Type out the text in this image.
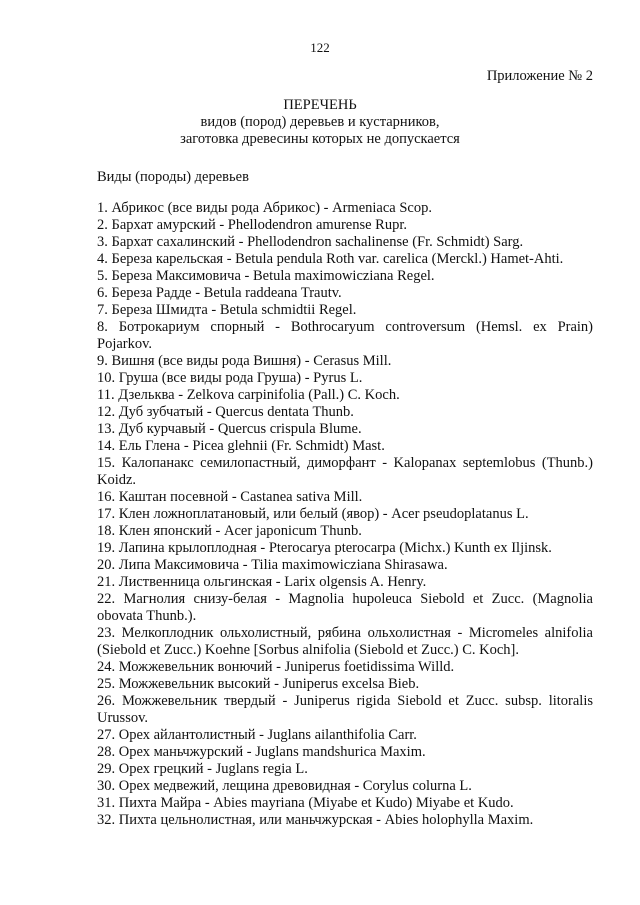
122
Приложение № 2
ПЕРЕЧЕНЬ
видов (пород) деревьев и кустарников,
заготовка древесины которых не допускается
Виды (породы) деревьев
1. Абрикос (все виды рода Абрикос) - Armeniaca Scop.
2. Бархат амурский - Phellodendron amurense Rupr.
3. Бархат сахалинский - Phellodendron sachalinense (Fr. Schmidt) Sarg.
4. Береза карельская - Betula pendula Roth var. carelica (Merckl.) Hamet-Ahti.
5. Береза Максимовича - Betula maximowicziana Regel.
6. Береза Радде - Betula raddeana Trautv.
7. Береза Шмидта - Betula schmidtii Regel.
8. Ботрокариум спорный - Bothrocaryum controversum (Hemsl. ex Prain) Pojarkov.
9. Вишня (все виды рода Вишня) - Cerasus Mill.
10. Груша (все виды рода Груша) - Pyrus L.
11. Дзельква - Zelkova carpinifolia (Pall.) C. Koch.
12. Дуб зубчатый - Quercus dentata Thunb.
13. Дуб курчавый - Quercus crispula Blume.
14. Ель Глена - Picea glehnii (Fr. Schmidt) Mast.
15. Калопанакс семилопастный, диморфант - Kalopanax septemlobus (Thunb.) Koidz.
16. Каштан посевной - Castanea sativa Mill.
17. Клен ложноплатановый, или белый (явор) - Acer pseudoplatanus L.
18. Клен японский - Acer japonicum Thunb.
19. Лапина крылоплодная - Pterocarya pterocarpa (Michx.) Kunth ex Iljinsk.
20. Липа Максимовича - Tilia maximowicziana Shirasawa.
21. Лиственница ольгинская - Larix olgensis A. Henry.
22. Магнолия снизу-белая - Magnolia hupoleuca Siebold et Zucc. (Magnolia obovata Thunb.).
23. Мелкоплодник ольхолистный, рябина ольхолистная - Micromeles alnifolia (Siebold et Zucc.) Koehne [Sorbus alnifolia (Siebold et Zucc.) C. Koch].
24. Можжевельник вонючий - Juniperus foetidissima Willd.
25. Можжевельник высокий - Juniperus excelsa Bieb.
26. Можжевельник твердый - Juniperus rigida Siebold et Zucc. subsp. litoralis Urussov.
27. Орех айлантолистный - Juglans ailanthifolia Carr.
28. Орех маньчжурский - Juglans mandshurica Maxim.
29. Орех грецкий - Juglans regia L.
30. Орех медвежий, лещина древовидная - Corylus colurna L.
31. Пихта Майра - Abies mayriana (Miyabe et Kudo) Miyabe et Kudo.
32. Пихта цельнолистная, или маньчжурская - Abies holophylla Maxim.
